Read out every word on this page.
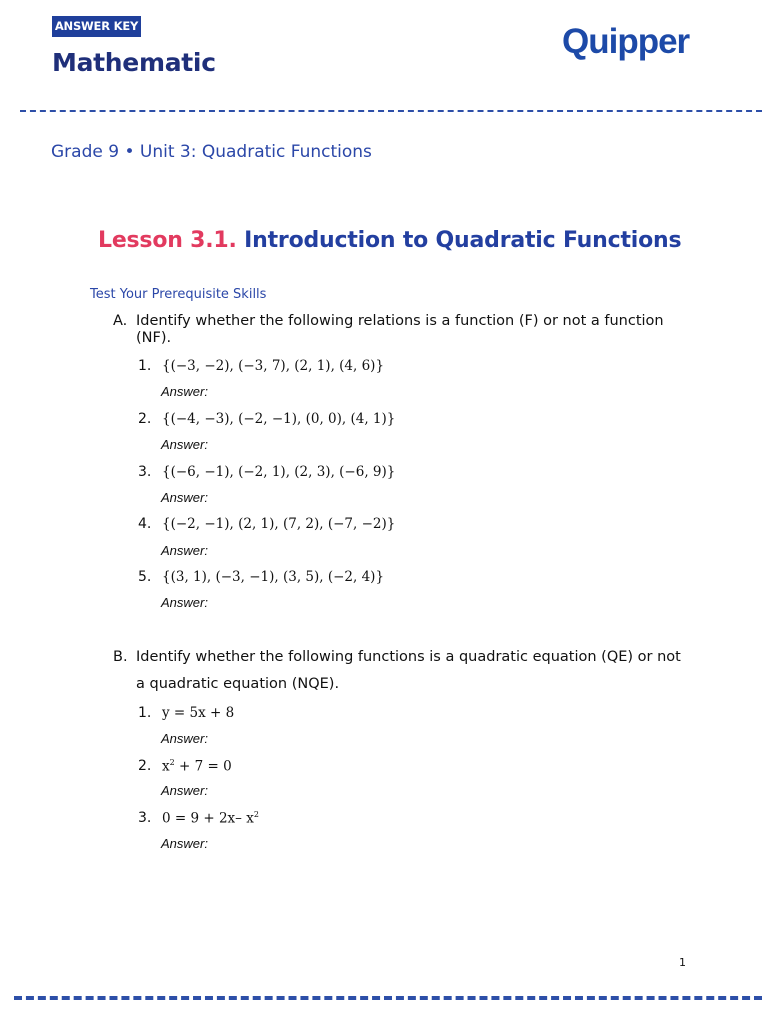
ANSWER KEY
Mathematic
Quipper
Grade 9 • Unit 3: Quadratic Functions
Lesson 3.1. Introduction to Quadratic Functions
Test Your Prerequisite Skills
A. Identify whether the following relations is a function (F) or not a function
(NF).
1. {(−3, −2), (−3, 7), (2, 1), (4, 6)}
Answer:
2. {(−4, −3), (−2, −1), (0, 0), (4, 1)}
Answer:
3. {(−6, −1), (−2, 1), (2, 3), (−6, 9)}
Answer:
4. {(−2, −1), (2, 1), (7, 2), (−7, −2)}
Answer:
5. {(3, 1), (−3, −1), (3, 5), (−2, 4)}
Answer:
B. Identify whether the following functions is a quadratic equation (QE) or not
a quadratic equation (NQE).
1. y = 5x + 8
Answer:
2. $x^2 + 7 = 0$
Answer:
3. 0 = 9 + 2x– $x^2$
Answer:
1
